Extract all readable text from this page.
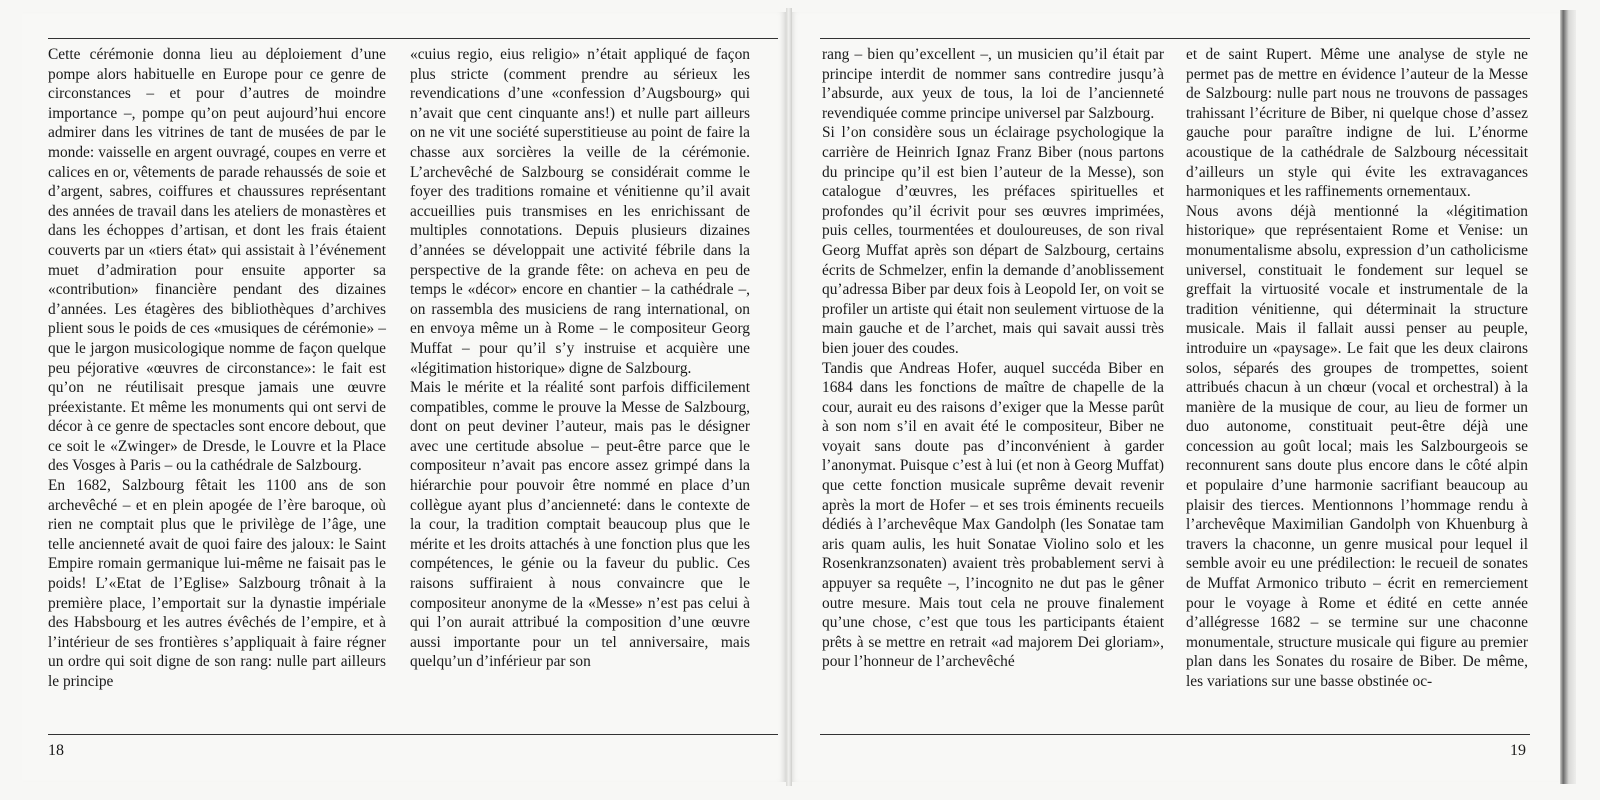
Cette cérémonie donna lieu au déploiement d’une pompe alors habituelle en Europe pour ce genre de circonstances – et pour d’autres de moindre importance –, pompe qu’on peut aujourd’hui encore admirer dans les vitrines de tant de musées de par le monde: vaisselle en argent ouvragé, coupes en verre et calices en or, vêtements de parade rehaussés de soie et d’argent, sabres, coiffures et chaussures représentant des années de travail dans les ateliers de monastères et dans les échoppes d’artisan, et dont les frais étaient couverts par un «tiers état» qui assistait à l’événement muet d’admiration pour ensuite apporter sa «contribution» financière pendant des dizaines d’années. Les étagères des bibliothèques d’archives plient sous le poids de ces «musiques de cérémonie» – que le jargon musicologique nomme de façon quelque peu péjorative «œuvres de circonstance»: le fait est qu’on ne réutilisait presque jamais une œuvre préexistante. Et même les monuments qui ont servi de décor à ce genre de spectacles sont encore debout, que ce soit le «Zwinger» de Dresde, le Louvre et la Place des Vosges à Paris – ou la cathédrale de Salzbourg.

En 1682, Salzbourg fêtait les 1100 ans de son archevêché – et en plein apogée de l’ère baroque, où rien ne comptait plus que le privilège de l’âge, une telle ancienneté avait de quoi faire des jaloux: le Saint Empire romain germanique lui-même ne faisait pas le poids! L’«Etat de l’Eglise» Salzbourg trônait à la première place, l’emportait sur la dynastie impériale des Habsbourg et les autres évêchés de l’empire, et à l’intérieur de ses frontières s’appliquait à faire régner un ordre qui soit digne de son rang: nulle part ailleurs le principe

«cuius regio, eius religio» n’était appliqué de façon plus stricte (comment prendre au sérieux les revendications d’une «confession d’Augsbourg» qui n’avait que cent cinquante ans!) et nulle part ailleurs on ne vit une société superstitieuse au point de faire la chasse aux sorcières la veille de la cérémonie. L’archevêché de Salzbourg se considérait comme le foyer des traditions romaine et vénitienne qu’il avait accueillies puis transmises en les enrichissant de multiples connotations. Depuis plusieurs dizaines d’années se développait une activité fébrile dans la perspective de la grande fête: on acheva en peu de temps le «décor» encore en chantier – la cathédrale –, on rassembla des musiciens de rang international, on en envoya même un à Rome – le compositeur Georg Muffat – pour qu’il s’y instruise et acquière une «légitimation historique» digne de Salzbourg.

Mais le mérite et la réalité sont parfois difficilement compatibles, comme le prouve la Messe de Salzbourg, dont on peut deviner l’auteur, mais pas le désigner avec une certitude absolue – peut-être parce que le compositeur n’avait pas encore assez grimpé dans la hiérarchie pour pouvoir être nommé en place d’un collègue ayant plus d’ancienneté: dans le contexte de la cour, la tradition comptait beaucoup plus que le mérite et les droits attachés à une fonction plus que les compétences, le génie ou la faveur du public. Ces raisons suffiraient à nous convaincre que le compositeur anonyme de la «Messe» n’est pas celui à qui l’on aurait attribué la composition d’une œuvre aussi importante pour un tel anniversaire, mais quelqu’un d’inférieur par son

18

rang – bien qu’excellent –, un musicien qu’il était par principe interdit de nommer sans contredire jusqu’à l’absurde, aux yeux de tous, la loi de l’ancienneté revendiquée comme principe universel par Salzbourg.

Si l’on considère sous un éclairage psychologique la carrière de Heinrich Ignaz Franz Biber (nous partons du principe qu’il est bien l’auteur de la Messe), son catalogue d’œuvres, les préfaces spirituelles et profondes qu’il écrivit pour ses œuvres imprimées, puis celles, tourmentées et douloureuses, de son rival Georg Muffat après son départ de Salzbourg, certains écrits de Schmelzer, enfin la demande d’anoblissement qu’adressa Biber par deux fois à Leopold Ier, on voit se profiler un artiste qui était non seulement virtuose de la main gauche et de l’archet, mais qui savait aussi très bien jouer des coudes.

Tandis que Andreas Hofer, auquel succéda Biber en 1684 dans les fonctions de maître de chapelle de la cour, aurait eu des raisons d’exiger que la Messe parût à son nom s’il en avait été le compositeur, Biber ne voyait sans doute pas d’inconvénient à garder l’anonymat. Puisque c’est à lui (et non à Georg Muffat) que cette fonction musicale suprême devait revenir après la mort de Hofer – et ses trois éminents recueils dédiés à l’archevêque Max Gandolph (les Sonatae tam aris quam aulis, les huit Sonatae Violino solo et les Rosenkranzsonaten) avaient très probablement servi à appuyer sa requête –, l’incognito ne dut pas le gêner outre mesure. Mais tout cela ne prouve finalement qu’une chose, c’est que tous les participants étaient prêts à se mettre en retrait «ad majorem Dei gloriam», pour l’honneur de l’archevêché

et de saint Rupert. Même une analyse de style ne permet pas de mettre en évidence l’auteur de la Messe de Salzbourg: nulle part nous ne trouvons de passages trahissant l’écriture de Biber, ni quelque chose d’assez gauche pour paraître indigne de lui. L’énorme acoustique de la cathédrale de Salzbourg nécessitait d’ailleurs un style qui évite les extravagances harmoniques et les raffinements ornementaux.

Nous avons déjà mentionné la «légitimation historique» que représentaient Rome et Venise: un monumentalisme absolu, expression d’un catholicisme universel, constituait le fondement sur lequel se greffait la virtuosité vocale et instrumentale de la tradition vénitienne, qui déterminait la structure musicale. Mais il fallait aussi penser au peuple, introduire un «paysage». Le fait que les deux clairons solos, séparés des groupes de trompettes, soient attribués chacun à un chœur (vocal et orchestral) à la manière de la musique de cour, au lieu de former un duo autonome, constituait peut-être déjà une concession au goût local; mais les Salzbourgeois se reconnurent sans doute plus encore dans le côté alpin et populaire d’une harmonie sacrifiant beaucoup au plaisir des tierces. Mentionnons l’hommage rendu à l’archevêque Maximilian Gandolph von Khuenburg à travers la chaconne, un genre musical pour lequel il semble avoir eu une prédilection: le recueil de sonates de Muffat Armonico tributo – écrit en remerciement pour le voyage à Rome et édité en cette année d’allégresse 1682 – se termine sur une chaconne monumentale, structure musicale qui figure au premier plan dans les Sonates du rosaire de Biber. De même, les variations sur une basse obstinée oc-

19
